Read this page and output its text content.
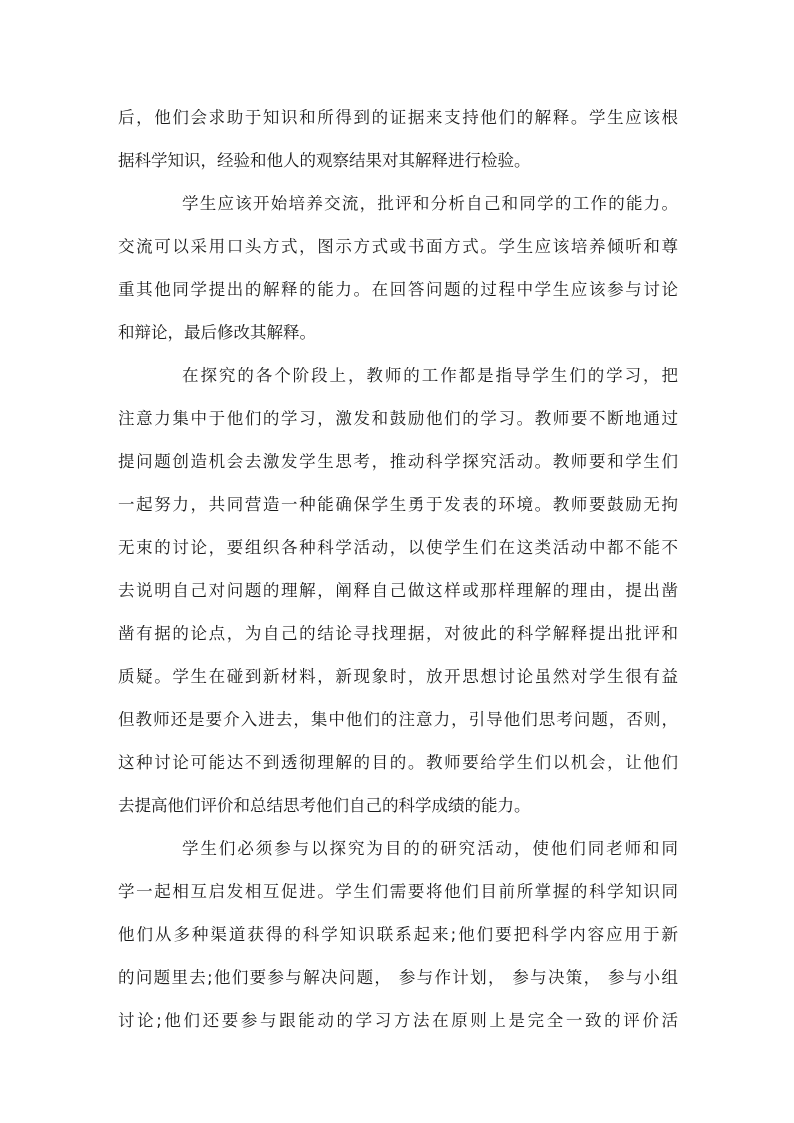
后，他们会求助于知识和所得到的证据来支持他们的解释。学生应该根
据科学知识，经验和他人的观察结果对其解释进行检验。
学生应该开始培养交流，批评和分析自己和同学的工作的能力。
交流可以采用口头方式，图示方式或书面方式。学生应该培养倾听和尊
重其他同学提出的解释的能力。在回答问题的过程中学生应该参与讨论
和辩论，最后修改其解释。
在探究的各个阶段上，教师的工作都是指导学生们的学习，把
注意力集中于他们的学习，激发和鼓励他们的学习。教师要不断地通过
提问题创造机会去激发学生思考，推动科学探究活动。教师要和学生们
一起努力，共同营造一种能确保学生勇于发表的环境。教师要鼓励无拘
无束的讨论，要组织各种科学活动，以使学生们在这类活动中都不能不
去说明自己对问题的理解，阐释自己做这样或那样理解的理由，提出凿
凿有据的论点，为自己的结论寻找理据，对彼此的科学解释提出批评和
质疑。学生在碰到新材料，新现象时，放开思想讨论虽然对学生很有益
但教师还是要介入进去，集中他们的注意力，引导他们思考问题，否则，
这种讨论可能达不到透彻理解的目的。教师要给学生们以机会，让他们
去提高他们评价和总结思考他们自己的科学成绩的能力。
学生们必须参与以探究为目的的研究活动，使他们同老师和同
学一起相互启发相互促进。学生们需要将他们目前所掌握的科学知识同
他们从多种渠道获得的科学知识联系起来;他们要把科学内容应用于新
的问题里去;他们要参与解决问题， 参与作计划， 参与决策， 参与小组
讨论;他们还要参与跟能动的学习方法在原则上是完全一致的评价活
